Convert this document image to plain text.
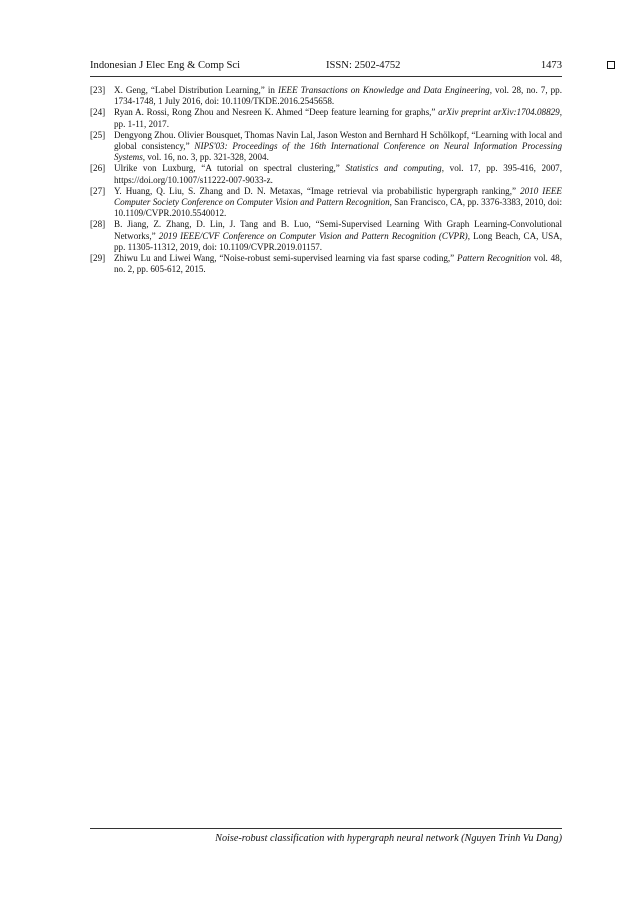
Indonesian J Elec Eng & Comp Sci	ISSN: 2502-4752	1473
[23] X. Geng, “Label Distribution Learning,” in IEEE Transactions on Knowledge and Data Engineering, vol. 28, no. 7, pp. 1734-1748, 1 July 2016, doi: 10.1109/TKDE.2016.2545658.
[24] Ryan A. Rossi, Rong Zhou and Nesreen K. Ahmed “Deep feature learning for graphs,” arXiv preprint arXiv:1704.08829, pp. 1-11, 2017.
[25] Dengyong Zhou. Olivier Bousquet, Thomas Navin Lal, Jason Weston and Bernhard H Schölkopf, “Learning with local and global consistency,” NIPS'03: Proceedings of the 16th International Conference on Neural Information Processing Systems, vol. 16, no. 3, pp. 321-328, 2004.
[26] Ulrike von Luxburg, “A tutorial on spectral clustering,” Statistics and computing, vol. 17, pp. 395-416, 2007, https://doi.org/10.1007/s11222-007-9033-z.
[27] Y. Huang, Q. Liu, S. Zhang and D. N. Metaxas, “Image retrieval via probabilistic hypergraph ranking,” 2010 IEEE Computer Society Conference on Computer Vision and Pattern Recognition, San Francisco, CA, pp. 3376-3383, 2010, doi: 10.1109/CVPR.2010.5540012.
[28] B. Jiang, Z. Zhang, D. Lin, J. Tang and B. Luo, “Semi-Supervised Learning With Graph Learning-Convolutional Networks,” 2019 IEEE/CVF Conference on Computer Vision and Pattern Recognition (CVPR), Long Beach, CA, USA, pp. 11305-11312, 2019, doi: 10.1109/CVPR.2019.01157.
[29] Zhiwu Lu and Liwei Wang, “Noise-robust semi-supervised learning via fast sparse coding,” Pattern Recognition vol. 48, no. 2, pp. 605-612, 2015.
Noise-robust classification with hypergraph neural network (Nguyen Trinh Vu Dang)
